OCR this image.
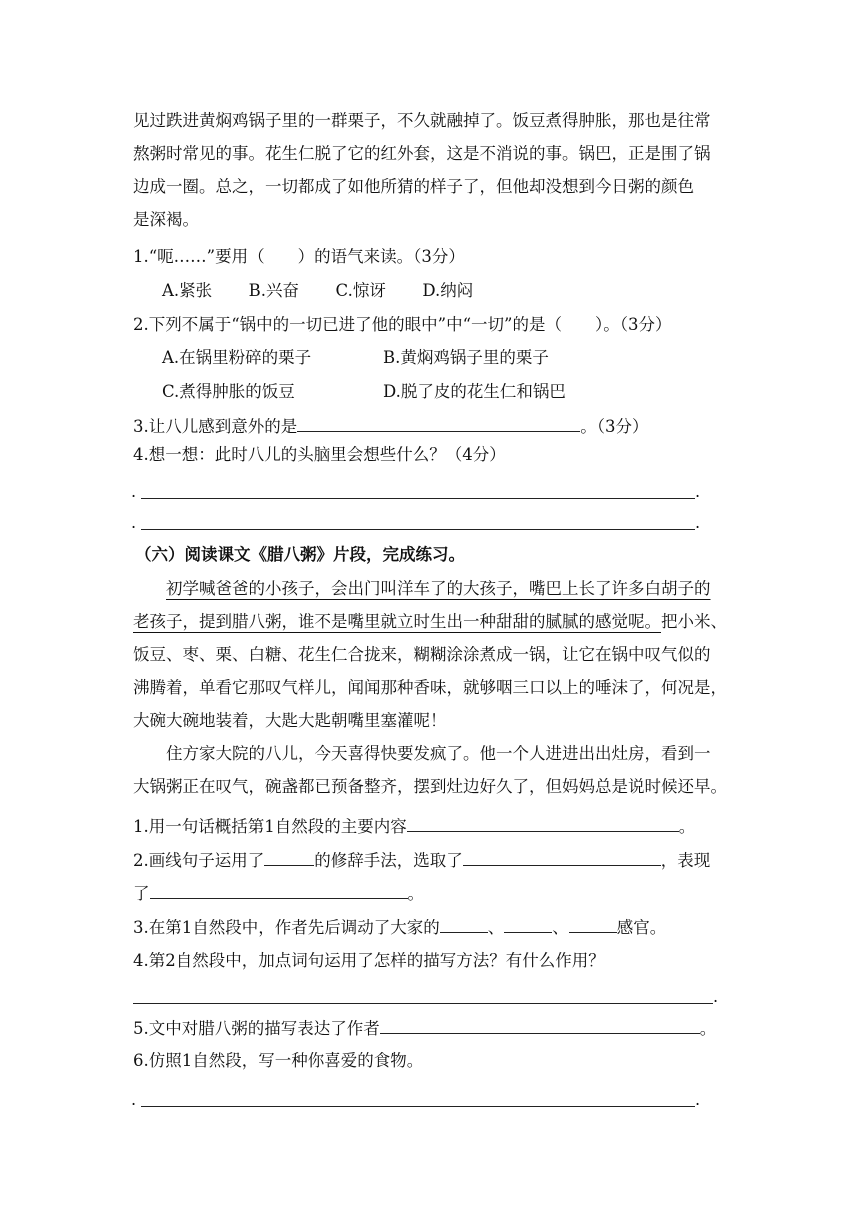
见过跌进黄焖鸡锅子里的一群栗子，不久就融掉了。饭豆煮得肿胀，那也是往常

熬粥时常见的事。花生仁脱了它的红外套，这是不消说的事。锅巴，正是围了锅

边成一圈。总之，一切都成了如他所猜的样子了，但他却没想到今日粥的颜色

是深褐。

1.“呃……”要用（　　）的语气来读。（3分）
A.紧张 B.兴奋 C.惊讶 D.纳闷
2.下列不属于“锅中的一切已进了他的眼中”中“一切”的是（　　）。（3分）
A.在锅里粉碎的栗子	B.黄焖鸡锅子里的栗子
C.煮得肿胀的饭豆	D.脱了皮的花生仁和锅巴
3.让八儿感到意外的是	。（3分）
4.想一想：此时八儿的头脑里会想些什么？（4分）
.	.
.	.
（六）阅读课文《腊八粥》片段，完成练习。

初学喊爸爸的小孩子，会出门叫洋车了的大孩子，嘴巴上长了许多白胡子的

老孩子，提到腊八粥，谁不是嘴里就立时生出一种甜甜的腻腻的感觉呢。把小米、

饭豆、枣、栗、白糖、花生仁合拢来，糊糊涂涂煮成一锅，让它在锅中叹气似的

沸腾着，单看它那叹气样儿，闻闻那种香味，就够咽三口以上的唾沫了，何况是，

大碗大碗地装着，大匙大匙朝嘴里塞灌呢！

住方家大院的八儿，今天喜得快要发疯了。他一个人进进出出灶房，看到一

大锅粥正在叹气，碗盏都已预备整齐，摆到灶边好久了，但妈妈总是说时候还早。

1.用一句话概括第1自然段的主要内容	。
2.画线句子运用了	的修辞手法，选取了	，表现
了	。
3.在第1自然段中，作者先后调动了大家的	、	、	感官。
4.第2自然段中，加点词句运用了怎样的描写方法？有什么作用？
.
5.文中对腊八粥的描写表达了作者	。
6.仿照1自然段，写一种你喜爱的食物。
.	.
